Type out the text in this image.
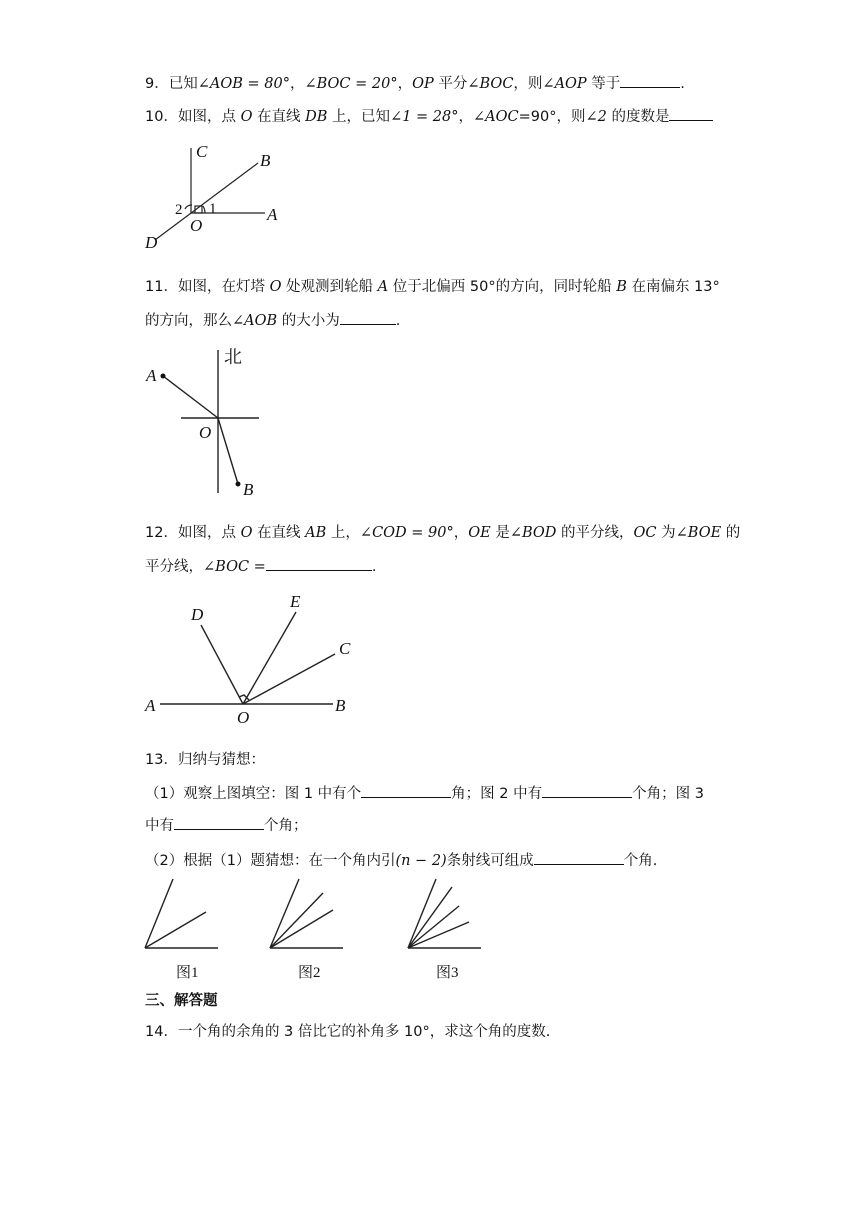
9．已知∠AOB = 80°，∠BOC = 20°，OP 平分∠BOC，则∠AOP 等于	.
10．如图，点 O 在直线 DB 上，已知∠1 = 28°，∠AOC=90°，则∠2 的度数是
C	B
A
O
D
1
2
11．如图，在灯塔 O 处观测到轮船 A 位于北偏西 50°的方向，同时轮船 B 在南偏东 13°
的方向，那么∠AOB 的大小为	.
北
A
O
B
12．如图，点 O 在直线 AB 上，∠COD = 90°，OE 是∠BOD 的平分线，OC 为∠BOE 的
平分线，∠BOC =	.
D
E
C
A
O
B
13．归纳与猜想：
（1）观察上图填空：图 1 中有个	角；图 2 中有	个角；图 3
中有	个角；
（2）根据（1）题猜想：在一个角内引(n − 2)条射线可组成	个角.
图1	图2	图3
三、解答题
14．一个角的余角的 3 倍比它的补角多 10°，求这个角的度数.
